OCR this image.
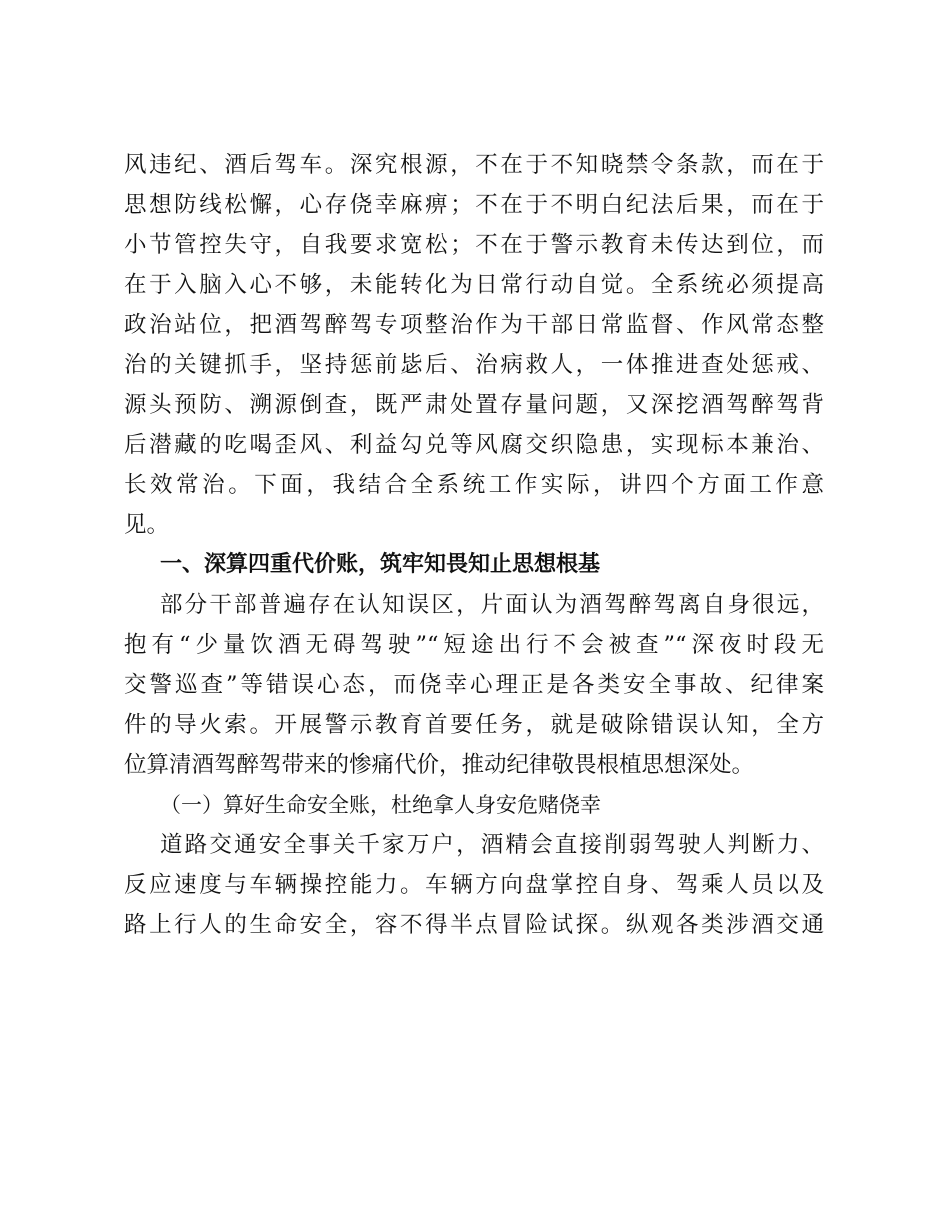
风违纪、酒后驾车。深究根源，不在于不知晓禁令条款，而在于
思想防线松懈，心存侥幸麻痹；不在于不明白纪法后果，而在于
小节管控失守，自我要求宽松；不在于警示教育未传达到位，而
在于入脑入心不够，未能转化为日常行动自觉。全系统必须提高
政治站位，把酒驾醉驾专项整治作为干部日常监督、作风常态整
治的关键抓手，坚持惩前毖后、治病救人，一体推进查处惩戒、
源头预防、溯源倒查，既严肃处置存量问题，又深挖酒驾醉驾背
后潜藏的吃喝歪风、利益勾兑等风腐交织隐患，实现标本兼治、
长效常治。下面，我结合全系统工作实际，讲四个方面工作意
见。
一、深算四重代价账，筑牢知畏知止思想根基
部分干部普遍存在认知误区，片面认为酒驾醉驾离自身很远，
抱有“少量饮酒无碍驾驶”“短途出行不会被查”“深夜时段无
交警巡查”等错误心态，而侥幸心理正是各类安全事故、纪律案
件的导火索。开展警示教育首要任务，就是破除错误认知，全方
位算清酒驾醉驾带来的惨痛代价，推动纪律敬畏根植思想深处。
（一）算好生命安全账，杜绝拿人身安危赌侥幸
道路交通安全事关千家万户，酒精会直接削弱驾驶人判断力、
反应速度与车辆操控能力。车辆方向盘掌控自身、驾乘人员以及
路上行人的生命安全，容不得半点冒险试探。纵观各类涉酒交通
